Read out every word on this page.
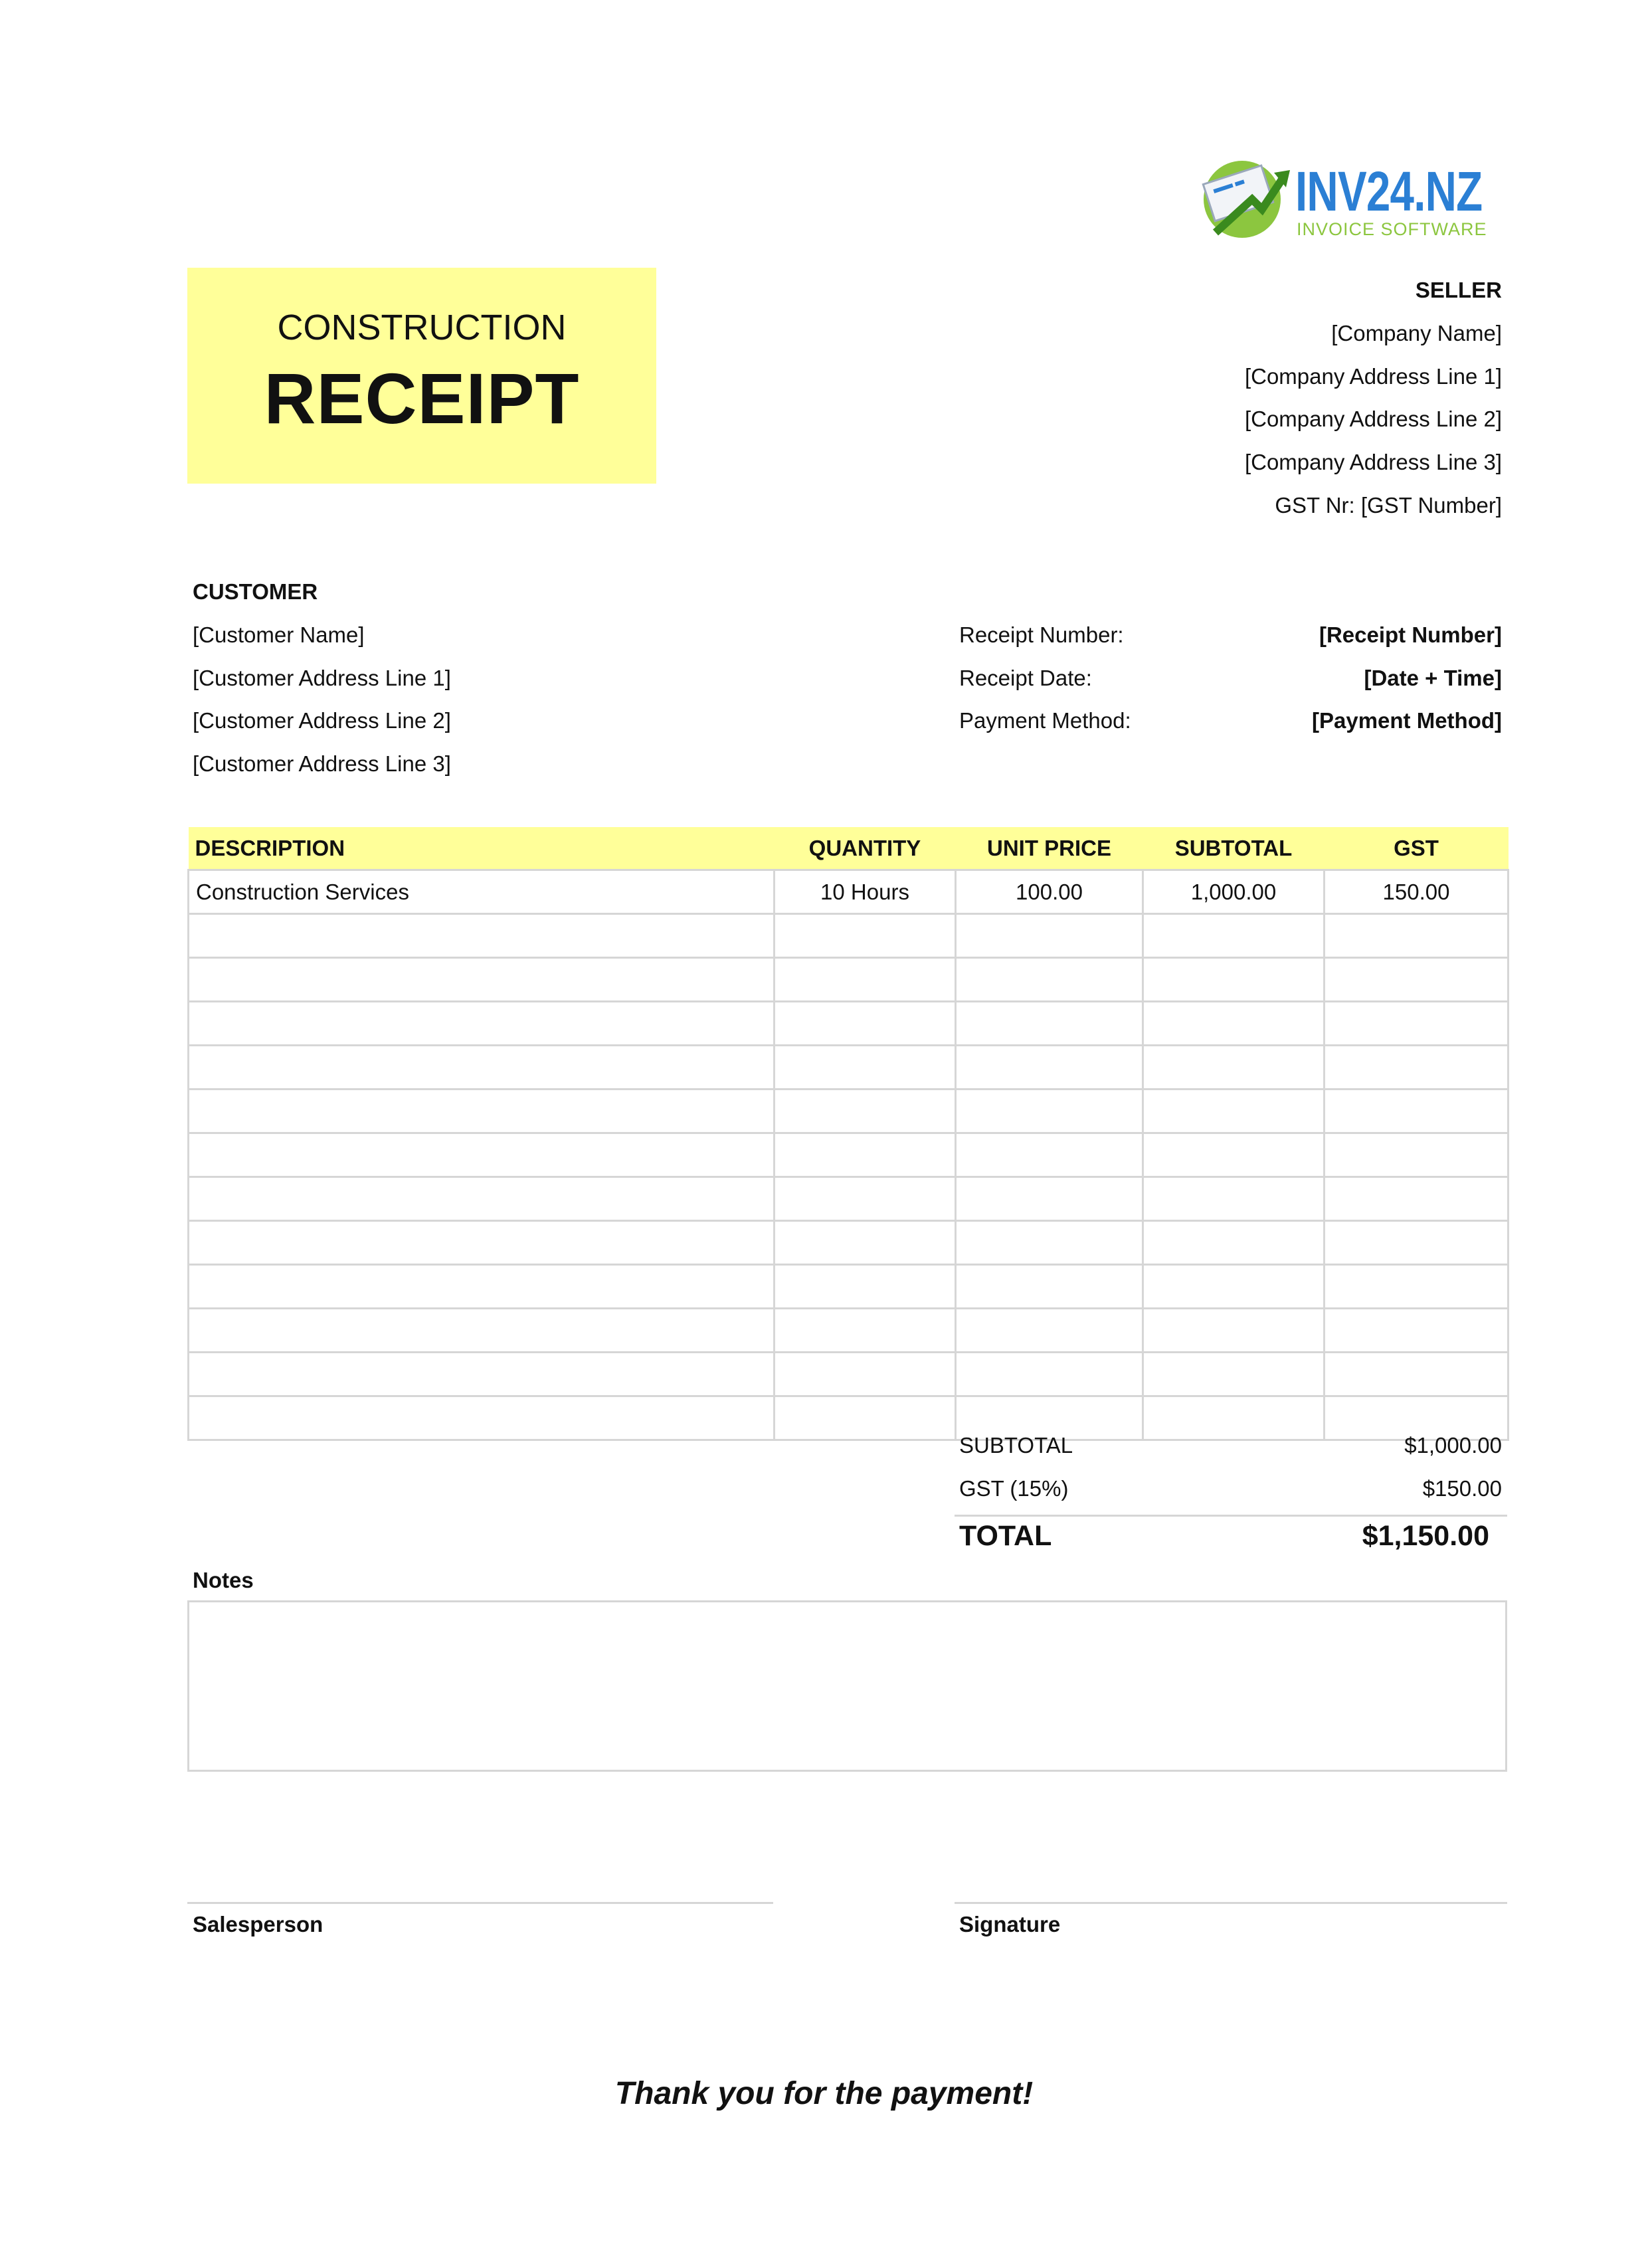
INV24.NZ
INVOICE SOFTWARE
CONSTRUCTION
RECEIPT
SELLER
[Company Name]
[Company Address Line 1]
[Company Address Line 2]
[Company Address Line 3]
GST Nr: [GST Number]
CUSTOMER
[Customer Name]
[Customer Address Line 1]
[Customer Address Line 2]
[Customer Address Line 3]
Receipt Number:	[Receipt Number]
Receipt Date:	[Date + Time]
Payment Method:	[Payment Method]
DESCRIPTION	QUANTITY	UNIT PRICE	SUBTOTAL	GST
Construction Services	10 Hours	100.00	1,000.00	150.00

SUBTOTAL	$1,000.00
GST (15%)	$150.00
TOTAL	$1,150.00
Notes
Salesperson	Signature
Thank you for the payment!
